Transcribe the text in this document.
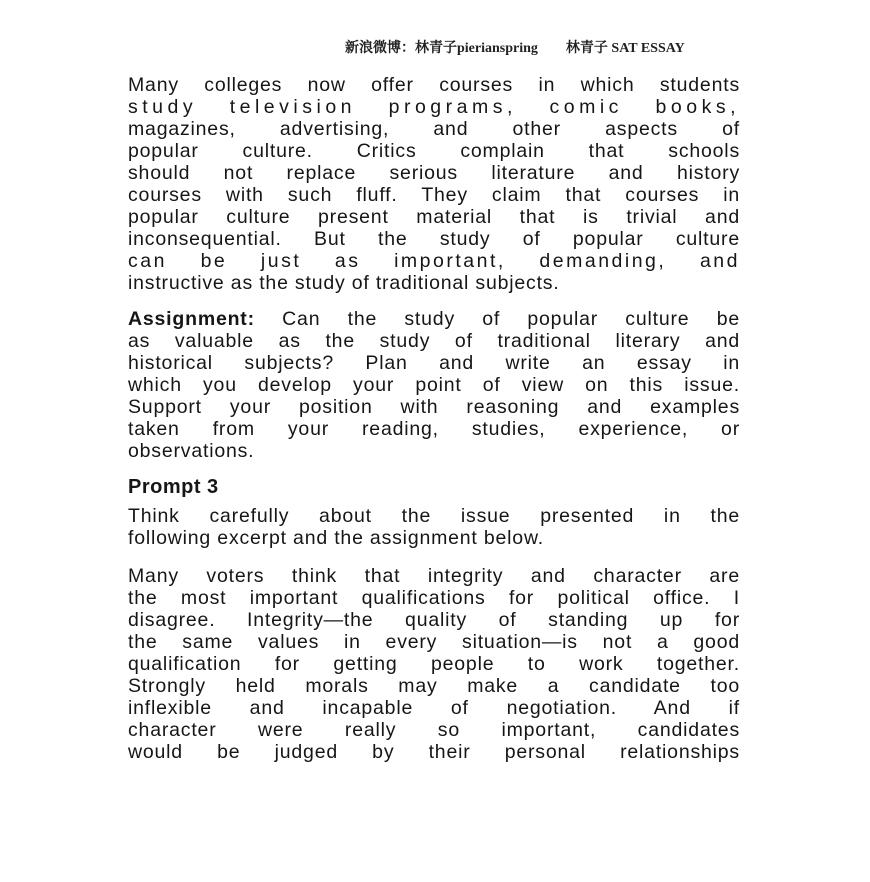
新浪微博：林青子pierianspring　　林青子 SAT ESSAY
Many colleges now offer courses in which students
study television programs, comic books,
magazines, advertising, and other aspects of
popular culture. Critics complain that schools
should not replace serious literature and history
courses with such fluff. They claim that courses in
popular culture present material that is trivial and
inconsequential. But the study of popular culture
can be just as important, demanding, and
instructive as the study of traditional subjects.
Assignment: Can the study of popular culture be
as valuable as the study of traditional literary and
historical subjects? Plan and write an essay in
which you develop your point of view on this issue.
Support your position with reasoning and examples
taken from your reading, studies, experience, or
observations.
Prompt 3
Think carefully about the issue presented in the
following excerpt and the assignment below.
Many voters think that integrity and character are
the most important qualifications for political office. I
disagree. Integrity—the quality of standing up for
the same values in every situation—is not a good
qualification for getting people to work together.
Strongly held morals may make a candidate too
inflexible and incapable of negotiation. And if
character were really so important, candidates
would be judged by their personal relationships
